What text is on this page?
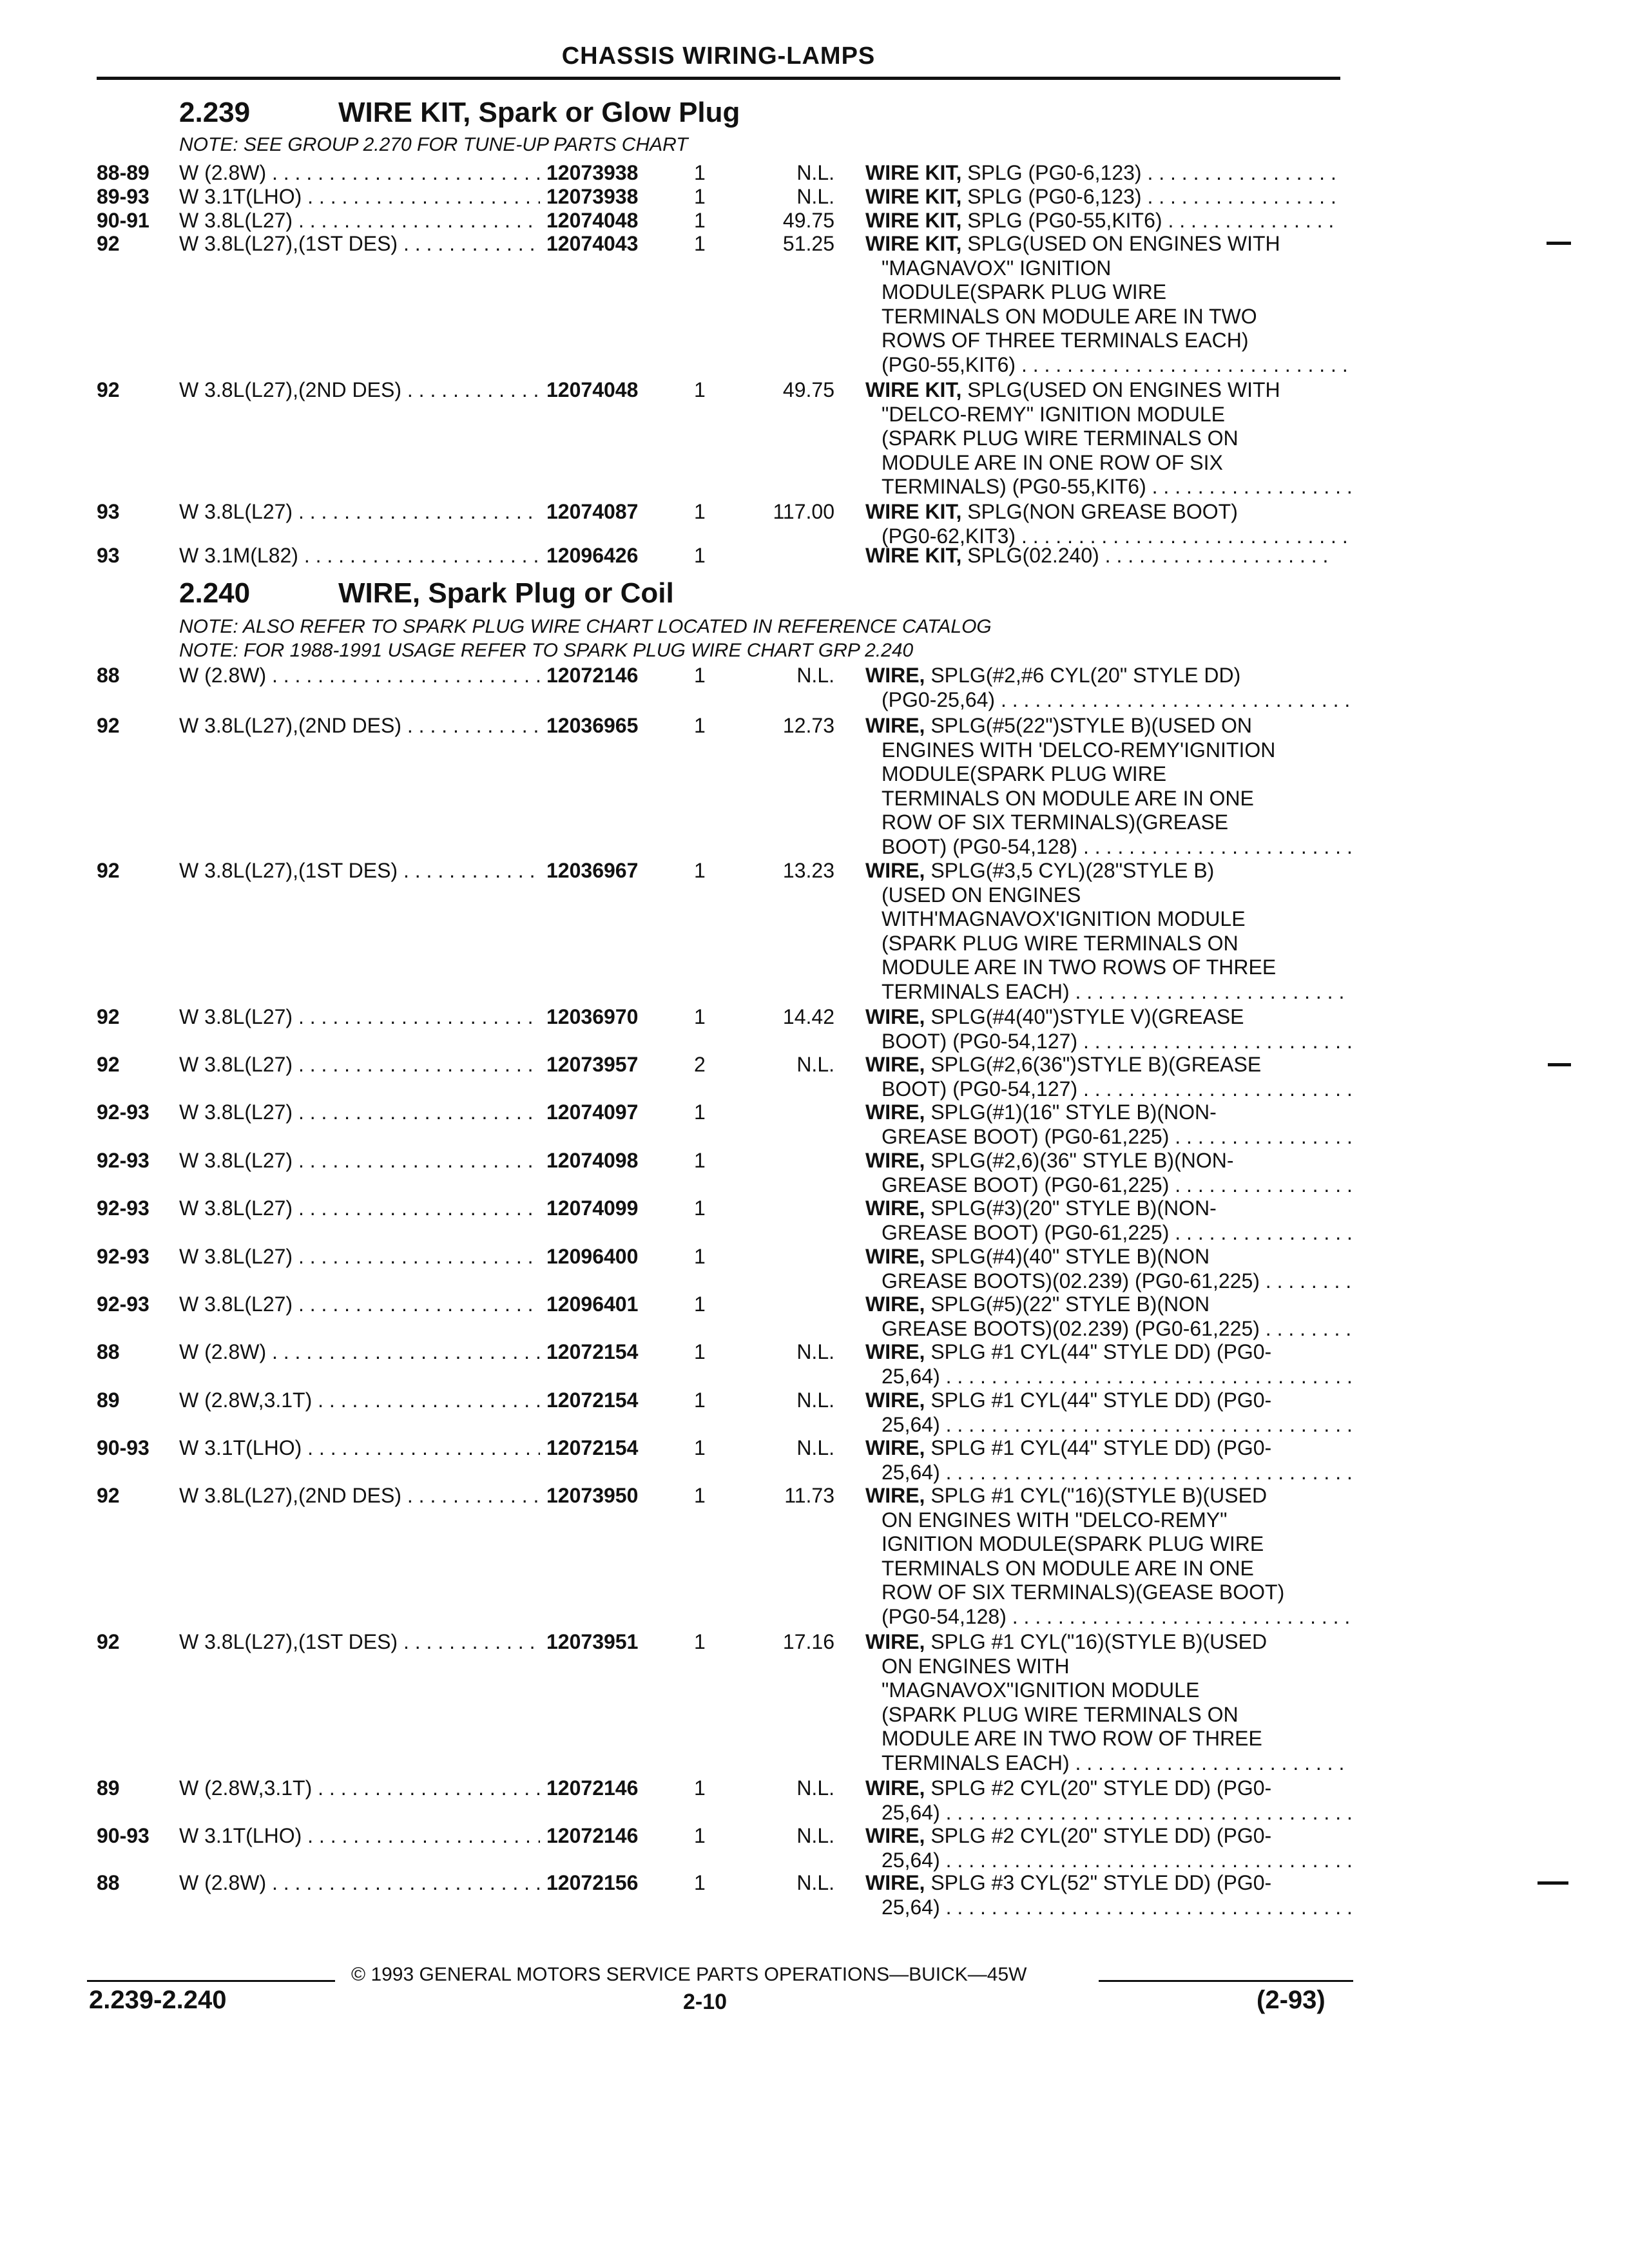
CHASSIS WIRING-LAMPS
2.239	WIRE KIT, Spark or Glow Plug
NOTE: SEE GROUP 2.270 FOR TUNE-UP PARTS CHART
2.240	WIRE, Spark Plug or Coil
NOTE: ALSO REFER TO SPARK PLUG WIRE CHART LOCATED IN REFERENCE CATALOG
NOTE: FOR 1988-1991 USAGE REFER TO SPARK PLUG WIRE CHART GRP 2.240
88-89 W (2.8W) . . .	12073938	1	N.L. WIRE KIT, SPLG (PG0-6,123) . . .
89-93 W 3.1T(LHO) . . .	12073938	1	N.L. WIRE KIT, SPLG (PG0-6,123) . . .
90-91 W 3.8L(L27) . . .	12074048	1	49.75 WIRE KIT, SPLG (PG0-55,KIT6) . . .
92	W 3.8L(L27),(1ST DES) . . .	12074043	1	51.25 WIRE KIT, SPLG(USED ON ENGINES WITH
"MAGNAVOX" IGNITION
MODULE(SPARK PLUG WIRE
TERMINALS ON MODULE ARE IN TWO
ROWS OF THREE TERMINALS EACH)
(PG0-55,KIT6) . . .
92	W 3.8L(L27),(2ND DES) . . .	12074048	1	49.75 WIRE KIT, SPLG(USED ON ENGINES WITH
"DELCO-REMY" IGNITION MODULE
(SPARK PLUG WIRE TERMINALS ON
MODULE ARE IN ONE ROW OF SIX
TERMINALS) (PG0-55,KIT6) . . .
93	W 3.8L(L27) . . .	12074087	1	117.00 WIRE KIT, SPLG(NON GREASE BOOT)
(PG0-62,KIT3) . . .
93	W 3.1M(L82) . . .	12096426	1	WIRE KIT, SPLG(02.240) . . .
88	W (2.8W) . . .	12072146	1	N.L. WIRE, SPLG(#2,#6 CYL(20" STYLE DD)
(PG0-25,64) . . .
92	W 3.8L(L27),(2ND DES) . . .	12036965	1	12.73 WIRE, SPLG(#5(22")STYLE B)(USED ON
ENGINES WITH 'DELCO-REMY'IGNITION
MODULE(SPARK PLUG WIRE
TERMINALS ON MODULE ARE IN ONE
ROW OF SIX TERMINALS)(GREASE
BOOT) (PG0-54,128) . . .
92	W 3.8L(L27),(1ST DES) . . .	12036967	1	13.23 WIRE, SPLG(#3,5 CYL)(28"STYLE B)
(USED ON ENGINES
WITH'MAGNAVOX'IGNITION MODULE
(SPARK PLUG WIRE TERMINALS ON
MODULE ARE IN TWO ROWS OF THREE
TERMINALS EACH) . . .
92	W 3.8L(L27) . . .	12036970	1	14.42 WIRE, SPLG(#4(40")STYLE V)(GREASE
BOOT) (PG0-54,127) . . .
92	W 3.8L(L27) . . .	12073957	2	N.L. WIRE, SPLG(#2,6(36")STYLE B)(GREASE
BOOT) (PG0-54,127) . . .
92-93 W 3.8L(L27) . . .	12074097	1	WIRE, SPLG(#1)(16" STYLE B)(NON-
GREASE BOOT) (PG0-61,225) . . .
92-93 W 3.8L(L27) . . .	12074098	1	WIRE, SPLG(#2,6)(36" STYLE B)(NON-
GREASE BOOT) (PG0-61,225) . . .
92-93 W 3.8L(L27) . . .	12074099	1	WIRE, SPLG(#3)(20" STYLE B)(NON-
GREASE BOOT) (PG0-61,225) . . .
92-93 W 3.8L(L27) . . .	12096400	1	WIRE, SPLG(#4)(40" STYLE B)(NON
GREASE BOOTS)(02.239) (PG0-61,225) . . .
92-93 W 3.8L(L27) . . .	12096401	1	WIRE, SPLG(#5)(22" STYLE B)(NON
GREASE BOOTS)(02.239) (PG0-61,225) . . .
88	W (2.8W) . . .	12072154	1	N.L. WIRE, SPLG #1 CYL(44" STYLE DD) (PG0-
25,64) . . .
89	W (2.8W,3.1T) . . .	12072154	1	N.L. WIRE, SPLG #1 CYL(44" STYLE DD) (PG0-
25,64) . . .
90-93 W 3.1T(LHO) . . .	12072154	1	N.L. WIRE, SPLG #1 CYL(44" STYLE DD) (PG0-
25,64) . . .
92	W 3.8L(L27),(2ND DES) . . .	12073950	1	11.73 WIRE, SPLG #1 CYL("16)(STYLE B)(USED
ON ENGINES WITH "DELCO-REMY"
IGNITION MODULE(SPARK PLUG WIRE
TERMINALS ON MODULE ARE IN ONE
ROW OF SIX TERMINALS)(GEASE BOOT)
(PG0-54,128) . . .
92	W 3.8L(L27),(1ST DES) . . .	12073951	1	17.16 WIRE, SPLG #1 CYL("16)(STYLE B)(USED
ON ENGINES WITH
"MAGNAVOX"IGNITION MODULE
(SPARK PLUG WIRE TERMINALS ON
MODULE ARE IN TWO ROW OF THREE
TERMINALS EACH) . . .
89	W (2.8W,3.1T) . . .	12072146	1	N.L. WIRE, SPLG #2 CYL(20" STYLE DD) (PG0-
25,64) . . .
90-93 W 3.1T(LHO) . . .	12072146	1	N.L. WIRE, SPLG #2 CYL(20" STYLE DD) (PG0-
25,64) . . .
88	W (2.8W) . . .	12072156	1	N.L. WIRE, SPLG #3 CYL(52" STYLE DD) (PG0-
25,64) . . .
© 1993 GENERAL MOTORS SERVICE PARTS OPERATIONS—BUICK—45W
2.239-2.240	2-10	(2-93)
